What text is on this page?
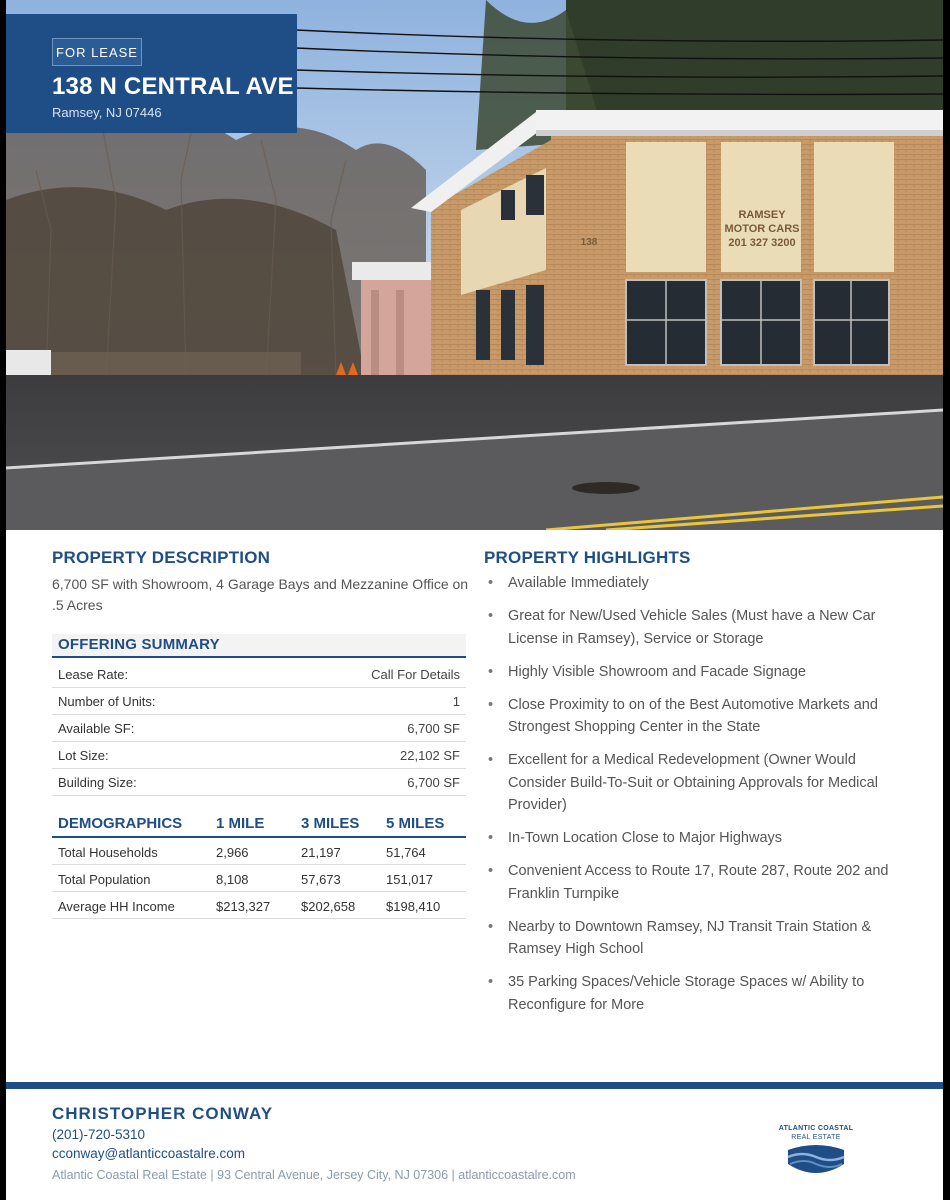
RAMSEY
MOTOR CARS
201 327 3200
138
FOR LEASE
138 N CENTRAL AVE
Ramsey, NJ 07446
PROPERTY DESCRIPTION
6,700 SF with Showroom, 4 Garage Bays and Mezzanine Office on .5 Acres
OFFERING SUMMARY
Lease Rate:	Call For Details
Number of Units:	1
Available SF:	6,700 SF
Lot Size:	22,102 SF
Building Size:	6,700 SF
DEMOGRAPHICS 1 MILE 3 MILES 5 MILES
Total Households	2,966	21,197	51,764
Total Population	8,108	57,673	151,017
Average HH Income	$213,327 $202,658 $198,410
PROPERTY HIGHLIGHTS
• Available Immediately
• Great for New/Used Vehicle Sales (Must have a New Car License in Ramsey), Service or Storage
• Highly Visible Showroom and Facade Signage
• Close Proximity to on of the Best Automotive Markets and Strongest Shopping Center in the State
• Excellent for a Medical Redevelopment (Owner Would Consider Build-To-Suit or Obtaining Approvals for Medical Provider)
• In-Town Location Close to Major Highways
• Convenient Access to Route 17, Route 287, Route 202 and Franklin Turnpike
• Nearby to Downtown Ramsey, NJ Transit Train Station & Ramsey High School
• 35 Parking Spaces/Vehicle Storage Spaces w/ Ability to Reconfigure for More
CHRISTOPHER CONWAY
(201)-720-5310
cconway@atlanticcoastalre.com
Atlantic Coastal Real Estate | 93 Central Avenue, Jersey City, NJ 07306 | atlanticcoastalre.com
ATLANTIC COASTAL
REAL ESTATE
